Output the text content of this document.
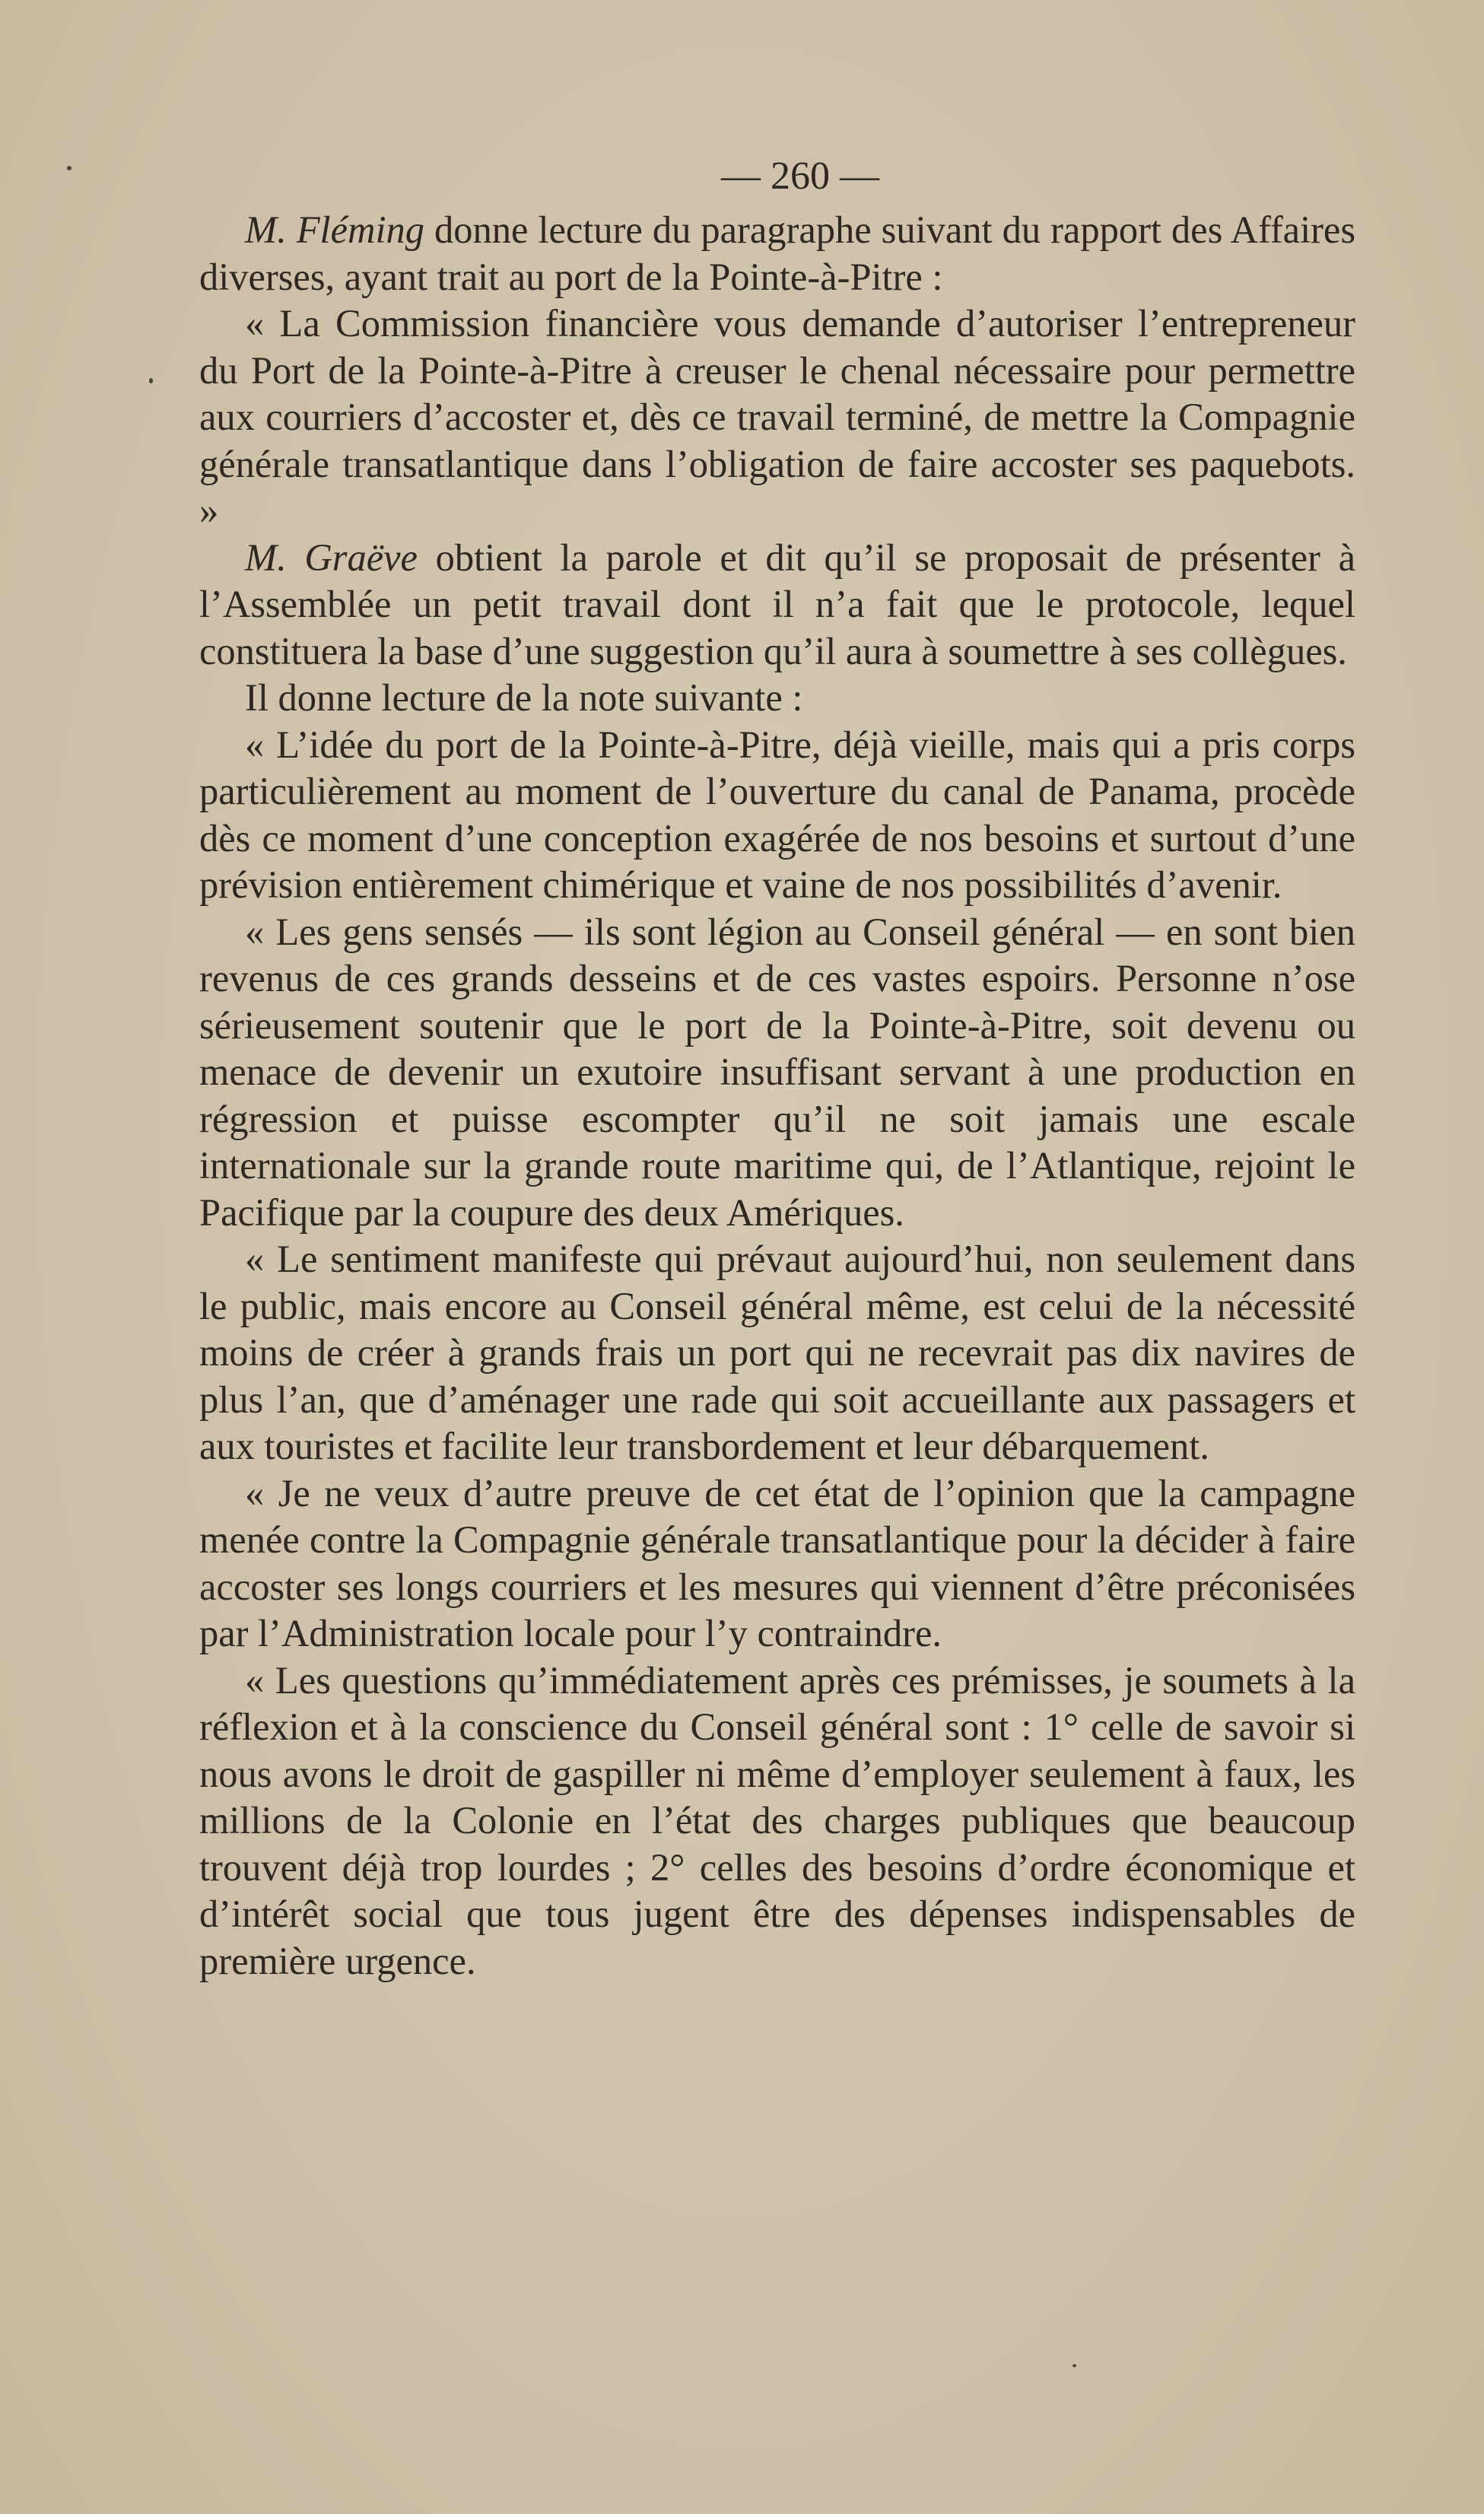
— 260 —

M. Fléming donne lecture du paragraphe suivant du rapport des Affaires diverses, ayant trait au port de la Pointe-à-Pitre :

« La Commission financière vous demande d’autoriser l’entrepreneur du Port de la Pointe-à-Pitre à creuser le chenal nécessaire pour permettre aux courriers d’accoster et, dès ce travail terminé, de mettre la Compagnie générale transatlantique dans l’obligation de faire accoster ses paquebots. »

M. Graëve obtient la parole et dit qu’il se proposait de présenter à l’Assemblée un petit travail dont il n’a fait que le protocole, lequel constituera la base d’une suggestion qu’il aura à soumettre à ses collègues.

Il donne lecture de la note suivante :

« L’idée du port de la Pointe-à-Pitre, déjà vieille, mais qui a pris corps particulièrement au moment de l’ouverture du canal de Panama, procède dès ce moment d’une conception exagérée de nos besoins et surtout d’une prévision entièrement chimérique et vaine de nos possibilités d’avenir.

« Les gens sensés — ils sont légion au Conseil général — en sont bien revenus de ces grands desseins et de ces vastes espoirs. Personne n’ose sérieusement soutenir que le port de la Pointe-à-Pitre, soit devenu ou menace de devenir un exutoire insuffisant servant à une production en régression et puisse escompter qu’il ne soit jamais une escale internationale sur la grande route maritime qui, de l’Atlantique, rejoint le Pacifique par la coupure des deux Amériques.

« Le sentiment manifeste qui prévaut aujourd’hui, non seulement dans le public, mais encore au Conseil général même, est celui de la nécessité moins de créer à grands frais un port qui ne recevrait pas dix navires de plus l’an, que d’aménager une rade qui soit accueillante aux passagers et aux touristes et facilite leur transbordement et leur débarquement.

« Je ne veux d’autre preuve de cet état de l’opinion que la campagne menée contre la Compagnie générale transatlantique pour la décider à faire accoster ses longs courriers et les mesures qui viennent d’être préconisées par l’Administration locale pour l’y contraindre.

« Les questions qu’immédiatement après ces prémisses, je soumets à la réflexion et à la conscience du Conseil général sont : 1° celle de savoir si nous avons le droit de gaspiller ni même d’employer seulement à faux, les millions de la Colonie en l’état des charges publiques que beaucoup trouvent déjà trop lourdes ; 2° celles des besoins d’ordre économique et d’intérêt social que tous jugent être des dépenses indispensables de première urgence.
